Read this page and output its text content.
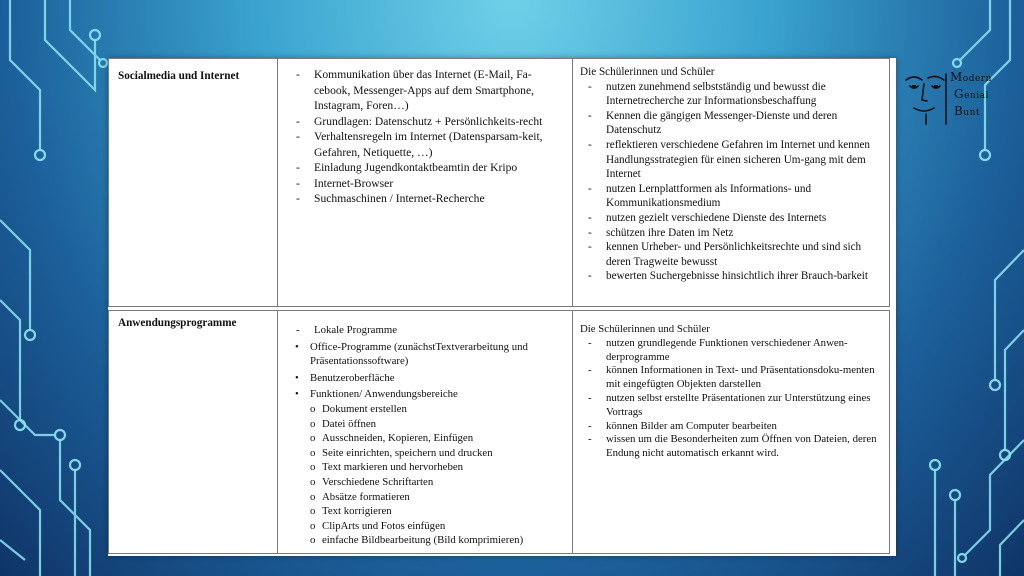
Socialmedia und Internet
-	Kommunikation über das Internet (E-Mail, Fa-cebook, Messenger-Apps auf dem Smartphone, Instagram, Foren…)
- Grundlagen: Datenschutz + Persönlichkeits-recht
- Verhaltensregeln im Internet (Datensparsam-keit, Gefahren, Netiquette, …)
- Einladung Jugendkontaktbeamtin der Kripo
- Internet-Browser
- Suchmaschinen / Internet-Recherche
Die Schülerinnen und Schüler
- nutzen zunehmend selbstständig und bewusst die Internetrecherche zur Informationsbeschaffung
- Kennen die gängigen Messenger-Dienste und deren Datenschutz
- reflektieren verschiedene Gefahren im Internet und kennen Handlungsstrategien für einen sicheren Um-gang mit dem Internet
- nutzen Lernplattformen als Informations- und Kommunikationsmedium
- nutzen gezielt verschiedene Dienste des Internets
- schützen ihre Daten im Netz
- kennen Urheber- und Persönlichkeitsrechte und sind sich deren Tragweite bewusst
- bewerten Suchergebnisse hinsichtlich ihrer Brauch-barkeit
Anwendungsprogramme
- Lokale Programme
• Office-Programme (zunächstTextverarbeitung und Präsentationssoftware)
• Benutzeroberfläche
• Funktionen/ Anwendungsbereiche
o Dokument erstellen
o Datei öffnen
o Ausschneiden, Kopieren, Einfügen
o Seite einrichten, speichern und drucken
o Text markieren und hervorheben
o Verschiedene Schriftarten
o Absätze formatieren
o Text korrigieren
o ClipArts und Fotos einfügen
o einfache Bildbearbeitung (Bild komprimieren)
Die Schülerinnen und Schüler
- nutzen grundlegende Funktionen verschiedener Anwen-derprogramme
- können Informationen in Text- und Präsentationsdoku-menten mit eingefügten Objekten darstellen
- nutzen selbst erstellte Präsentationen zur Unterstützung eines Vortrags
- können Bilder am Computer bearbeiten
- wissen um die Besonderheiten zum Öffnen von Dateien, deren Endung nicht automatisch erkannt wird.
Modern
Genial
Bunt
